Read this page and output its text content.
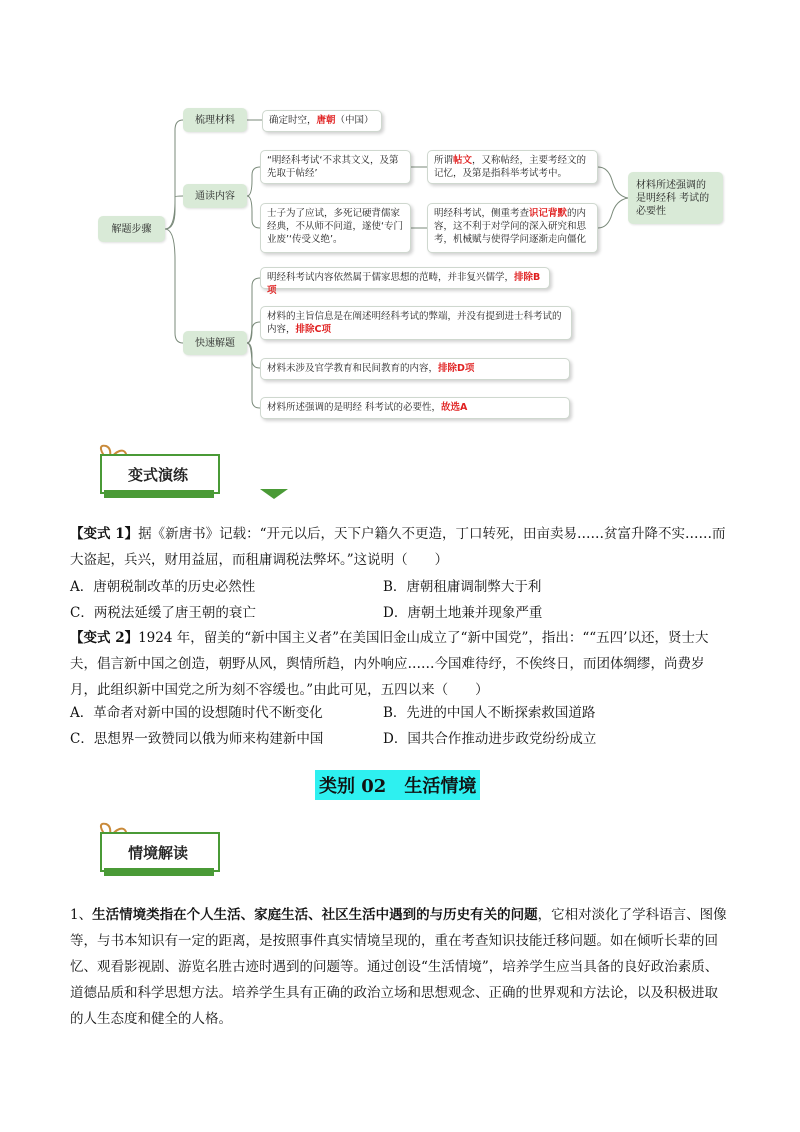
解题步骤
梳理材料
通读内容
快速解题
确定时空，唐朝（中国）
“明经科考试‘不求其文义，及第先取于帖经’
士子为了应试，多死记硬背儒家经典，不从师不问道，遂使‘专门业废’‘传受义绝’。
所谓帖文，又称帖经，主要考经文的记忆，及第是指科举考试考中。
明经科考试，侧重考查识记背默的内容，这不利于对学问的深入研究和思考，机械赋与使得学问逐渐走向僵化
材料所述强调的是明经科 考试的必要性
明经科考试内容依然属于儒家思想的范畴，并非复兴儒学，排除B项
材料的主旨信息是在阐述明经科考试的弊端，并没有提到进士科考试的内容，排除C项
材料未涉及官学教育和民间教育的内容，排除D项
材料所述强调的是明经 科考试的必要性，故选A
变式演练
【变式 1】据《新唐书》记载：“开元以后，天下户籍久不更造，丁口转死，田亩卖易……贫富升降不实……而大盗起，兵兴，财用益屈，而租庸调税法弊坏。”这说明（　　）
A．唐朝税制改革的历史必然性	B．唐朝租庸调制弊大于利
C．两税法延缓了唐王朝的衰亡	D．唐朝土地兼并现象严重
【变式 2】1924 年，留美的“新中国主义者”在美国旧金山成立了“新中国党”，指出：““五四’以还，贤士大夫，倡言新中国之创造，朝野从风，舆情所趋，内外响应……今国难待纾，不俟终日，而团体绸缪，尚费岁月，此组织新中国党之所为刻不容缓也。”由此可见，五四以来（　　）
A．革命者对新中国的设想随时代不断变化	B．先进的中国人不断探索救国道路
C．思想界一致赞同以俄为师来构建新中国	D．国共合作推动进步政党纷纷成立
类别 02　生活情境
情境解读
1、生活情境类指在个人生活、家庭生活、社区生活中遇到的与历史有关的问题，它相对淡化了学科语言、图像等，与书本知识有一定的距离，是按照事件真实情境呈现的，重在考查知识技能迁移问题。如在倾听长辈的回忆、观看影视剧、游览名胜古迹时遇到的问题等。通过创设“生活情境”，培养学生应当具备的良好政治素质、道德品质和科学思想方法。培养学生具有正确的政治立场和思想观念、正确的世界观和方法论，以及积极进取的人生态度和健全的人格。
